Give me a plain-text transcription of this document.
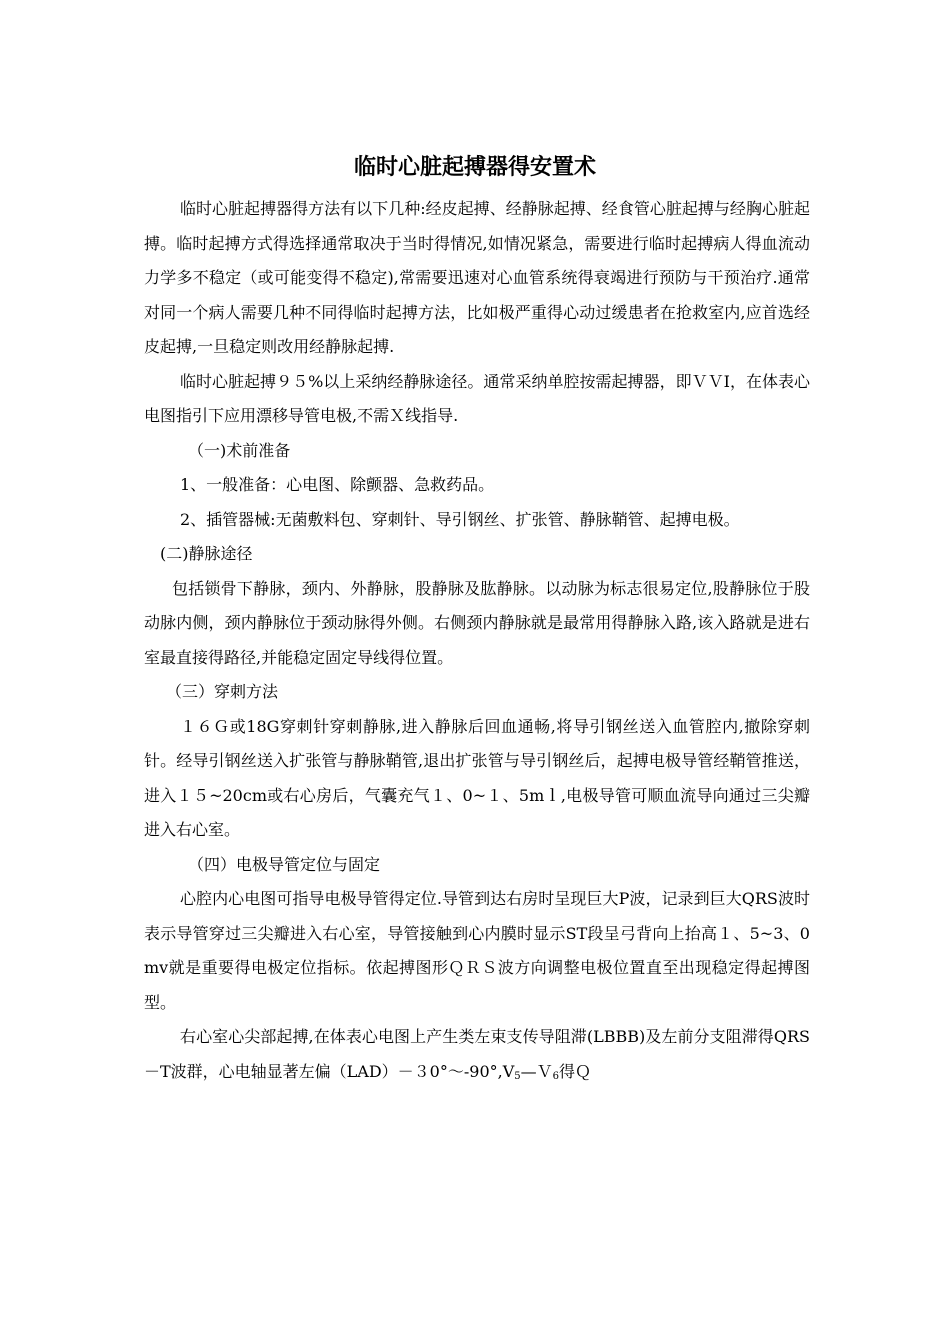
临时心脏起搏器得安置术

临时心脏起搏器得方法有以下几种:经皮起搏、经静脉起搏、经食管心脏起搏与经胸心脏起搏。临时起搏方式得选择通常取决于当时得情况,如情况紧急，需要进行临时起搏病人得血流动力学多不稳定（或可能变得不稳定),常需要迅速对心血管系统得衰竭进行预防与干预治疗.通常对同一个病人需要几种不同得临时起搏方法，比如极严重得心动过缓患者在抢救室内,应首选经皮起搏,一旦稳定则改用经静脉起搏.

临时心脏起搏９５%以上采纳经静脉途径。通常采纳单腔按需起搏器，即ＶＶI，在体表心电图指引下应用漂移导管电极,不需Ｘ线指导.

（一)术前准备

1、一般准备：心电图、除颤器、急救药品。

2、插管器械:无菌敷料包、穿刺针、导引钢丝、扩张管、静脉鞘管、起搏电极。

(二)静脉途径

包括锁骨下静脉，颈内、外静脉，股静脉及肱静脉。以动脉为标志很易定位,股静脉位于股动脉内侧，颈内静脉位于颈动脉得外侧。右侧颈内静脉就是最常用得静脉入路,该入路就是进右室最直接得路径,并能稳定固定导线得位置。

（三）穿刺方法

１６Ｇ或18G穿刺针穿刺静脉,进入静脉后回血通畅,将导引钢丝送入血管腔内,撤除穿刺针。经导引钢丝送入扩张管与静脉鞘管,退出扩张管与导引钢丝后，起搏电极导管经鞘管推送，进入１５~20cm或右心房后，气囊充气１、0~１、5mｌ,电极导管可顺血流导向通过三尖瓣进入右心室。

（四）电极导管定位与固定

心腔内心电图可指导电极导管得定位.导管到达右房时呈现巨大P波，记录到巨大QRS波时表示导管穿过三尖瓣进入右心室，导管接触到心内膜时显示ST段呈弓背向上抬高１、5~3、0mv就是重要得电极定位指标。依起搏图形ＱＲＳ波方向调整电极位置直至出现稳定得起搏图型。

右心室心尖部起搏,在体表心电图上产生类左束支传导阻滞(LBBB)及左前分支阻滞得QRS－T波群，心电轴显著左偏$(LAD)-30^\circ\sim-90^\circ,V_5—V_6$得Ｑ
